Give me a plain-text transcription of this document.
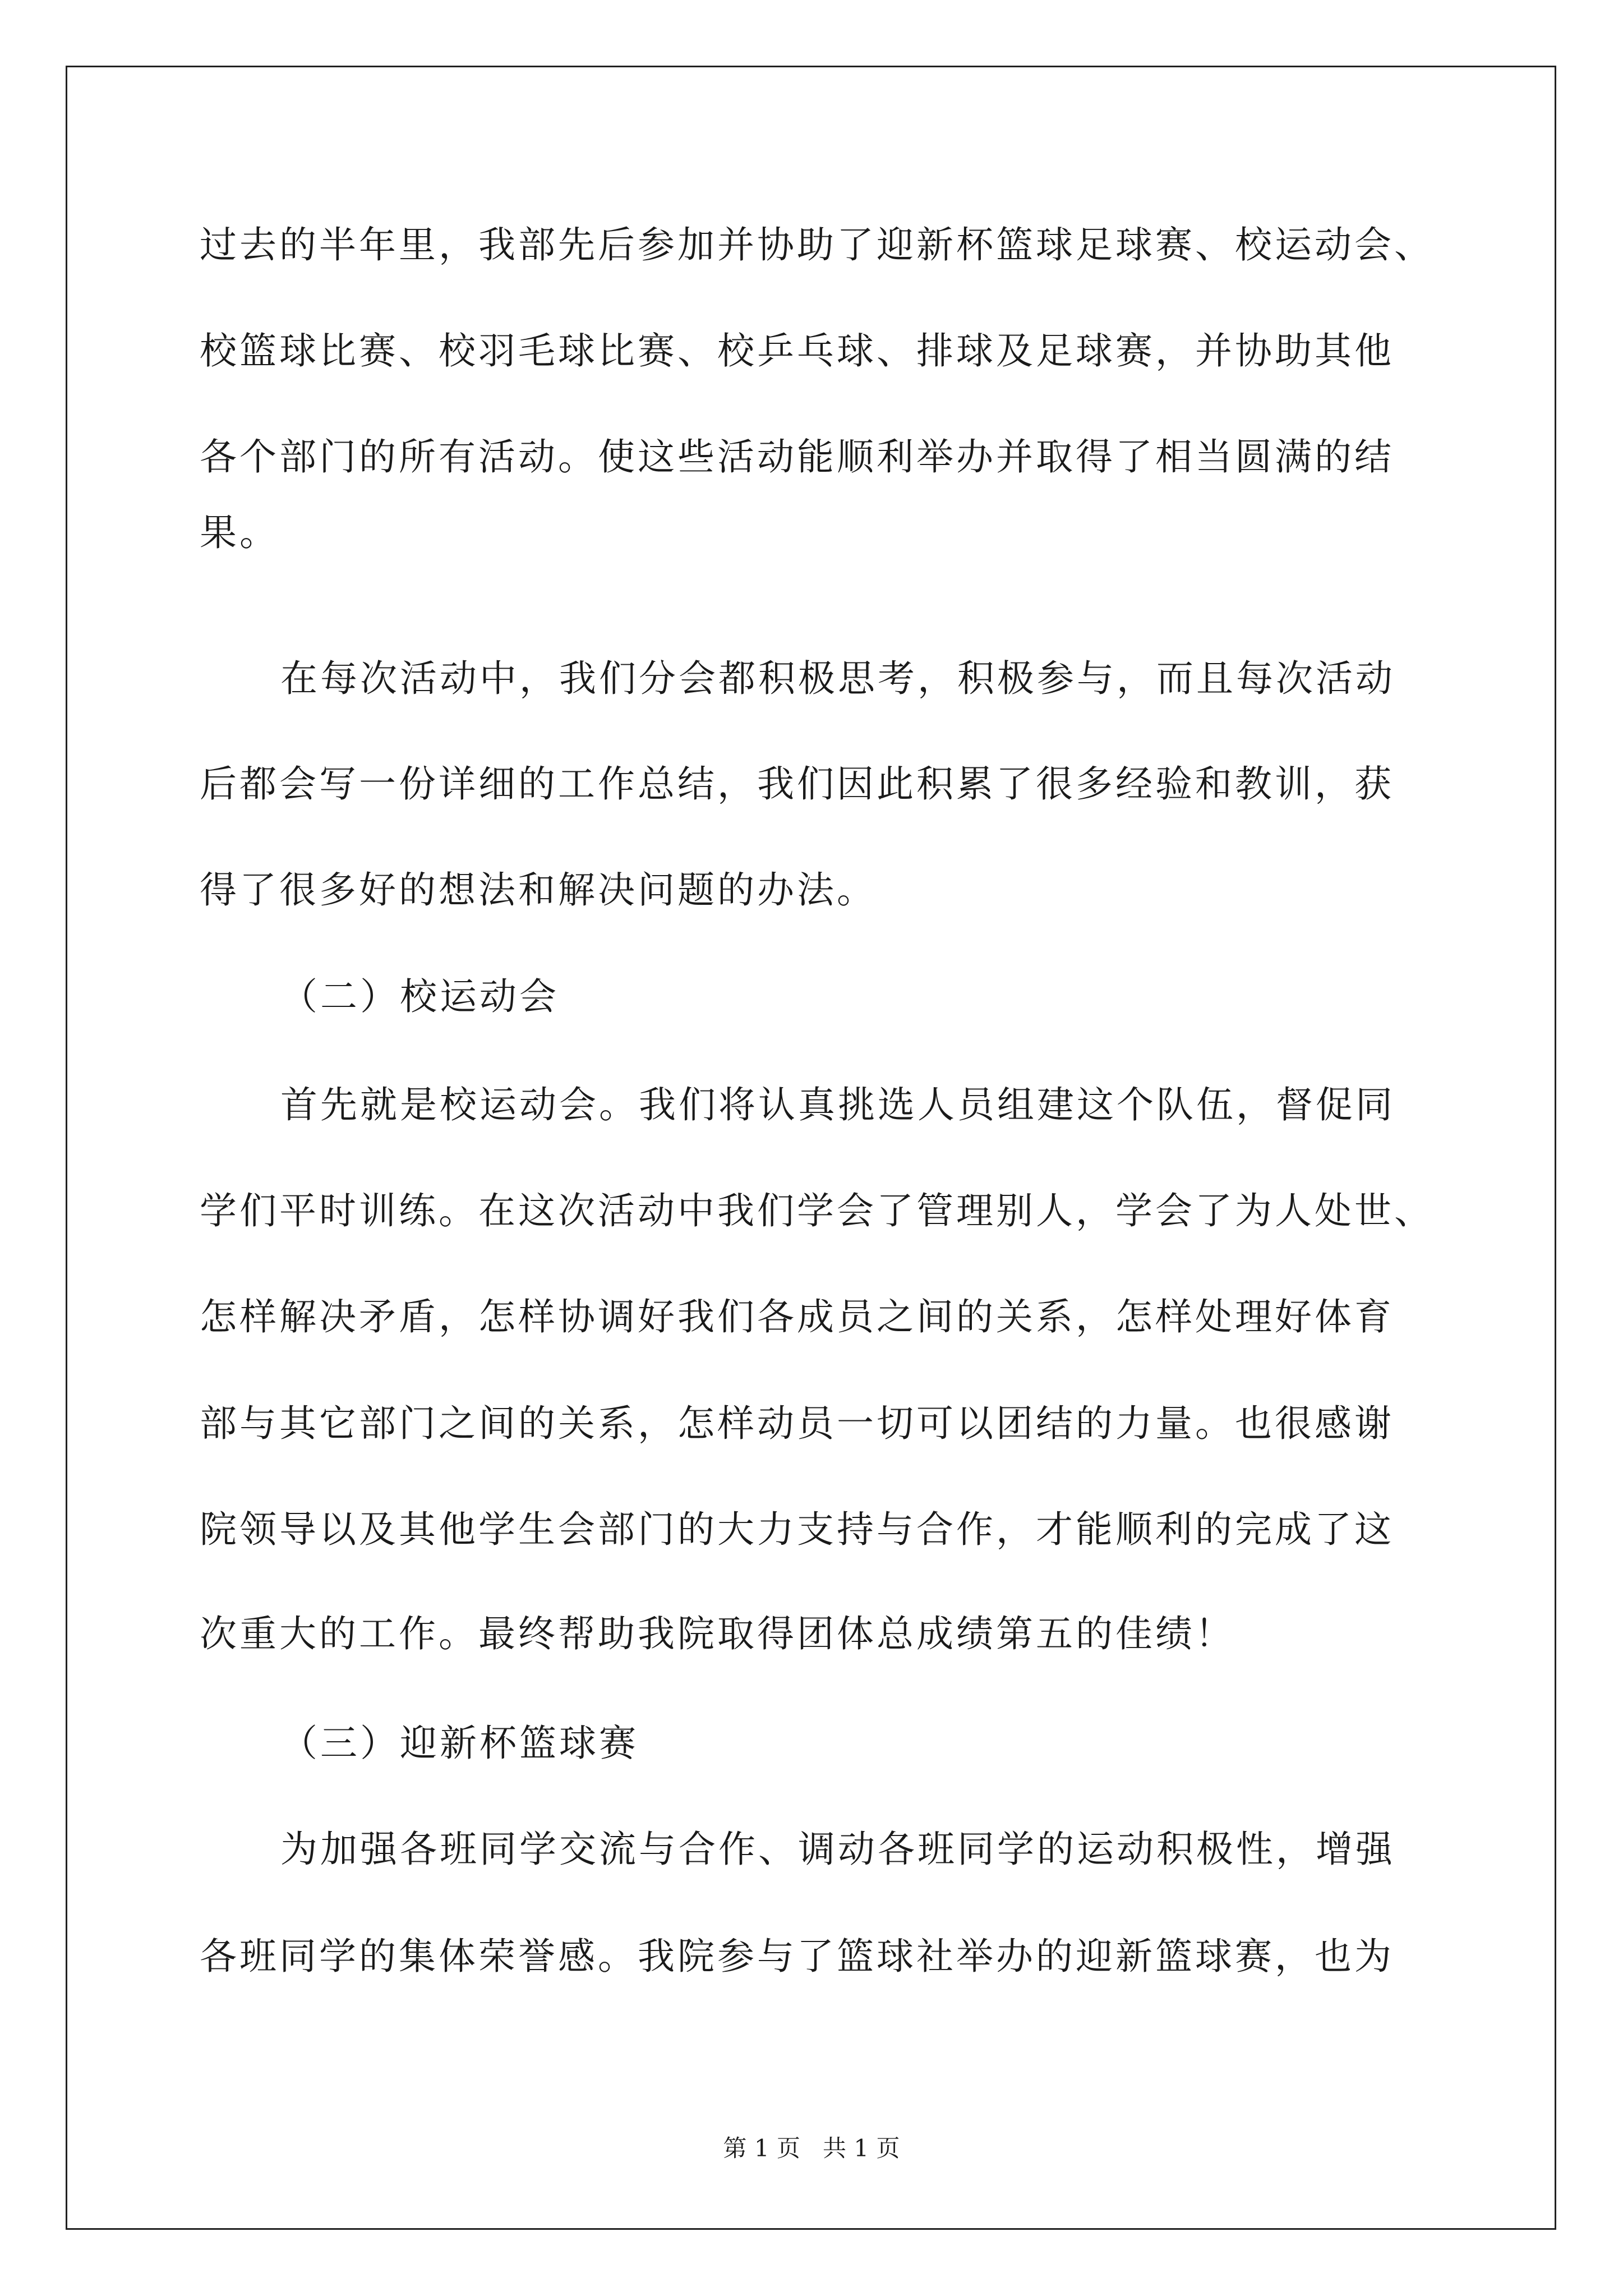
过去的半年里，我部先后参加并协助了迎新杯篮球足球赛、校运动会、
校篮球比赛、校羽毛球比赛、校乒乓球、排球及足球赛，并协助其他
各个部门的所有活动。使这些活动能顺利举办并取得了相当圆满的结
果。
在每次活动中，我们分会都积极思考，积极参与，而且每次活动
后都会写一份详细的工作总结，我们因此积累了很多经验和教训，获
得了很多好的想法和解决问题的办法。
（二）校运动会
首先就是校运动会。我们将认真挑选人员组建这个队伍，督促同
学们平时训练。在这次活动中我们学会了管理别人，学会了为人处世、
怎样解决矛盾，怎样协调好我们各成员之间的关系，怎样处理好体育
部与其它部门之间的关系，怎样动员一切可以团结的力量。也很感谢
院领导以及其他学生会部门的大力支持与合作，才能顺利的完成了这
次重大的工作。最终帮助我院取得团体总成绩第五的佳绩！
（三）迎新杯篮球赛
为加强各班同学交流与合作、调动各班同学的运动积极性，增强
各班同学的集体荣誉感。我院参与了篮球社举办的迎新篮球赛，也为
第 1 页   共 1 页
